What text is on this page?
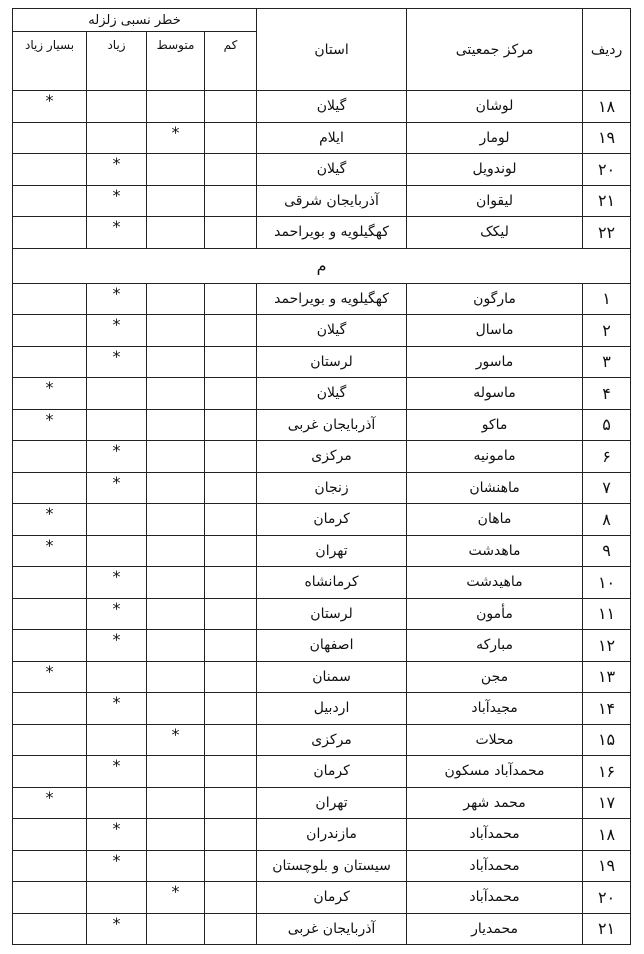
ردیف	مرکز جمعیتی	استان	خطر نسبی زلزله			
			کم	متوسط	زیاد	بسیار زیاد
۱۸	لوشان	گیلان				*
۱۹	لومار	ایلام		*		
۲۰	لوندویل	گیلان			*	
۲۱	لیقوان	آذربایجان شرقی			*	
۲۲	لیکک	کهگیلویه و بویراحمد			*	
م						
۱	مارگون	کهگیلویه و بویراحمد			*	
۲	ماسال	گیلان			*	
۳	ماسور	لرستان			*	
۴	ماسوله	گیلان				*
۵	ماکو	آذربایجان غربی				*
۶	مامونیه	مرکزی			*	
۷	ماهنشان	زنجان			*	
۸	ماهان	کرمان				*
۹	ماهدشت	تهران				*
۱۰	ماهیدشت	کرمانشاه			*	
۱۱	مأمون	لرستان			*	
۱۲	مبارکه	اصفهان			*	
۱۳	مجن	سمنان				*
۱۴	مجیدآباد	اردبیل			*	
۱۵	محلات	مرکزی		*		
۱۶	محمدآباد مسکون	کرمان			*	
۱۷	محمد شهر	تهران				*
۱۸	محمدآباد	مازندران			*	
۱۹	محمدآباد	سیستان و بلوچستان			*	
۲۰	محمدآباد	کرمان		*		
۲۱	محمدیار	آذربایجان غربی			*	
